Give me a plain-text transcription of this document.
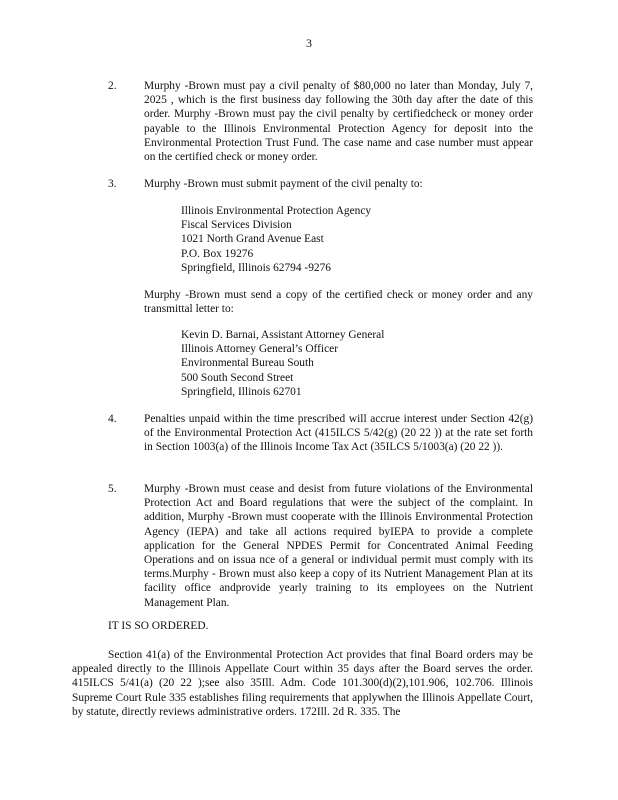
3
2.	Murphy -Brown must pay a civil penalty of $80,000 no later than Monday, July 7, 2025 , which is the first business day following the 30th day after the date of this order. Murphy -Brown must pay the civil penalty by certifiedcheck or money order payable to the Illinois Environmental Protection Agency for deposit into the Environmental Protection Trust Fund. The case name and case number must appear on the certified check or money order.
3.	Murphy -Brown must submit payment of the civil penalty to:
Illinois Environmental Protection Agency
Fiscal Services Division
1021 North Grand Avenue East
P.O. Box 19276
Springfield, Illinois 62794 -9276
Murphy -Brown must send a copy of the certified check or money order and any transmittal letter to:
Kevin D. Barnai, Assistant Attorney General
Illinois Attorney General’s Officer
Environmental Bureau South
500 South Second Street
Springfield, Illinois 62701
4.	Penalties unpaid within the time prescribed will accrue interest under Section 42(g) of the Environmental Protection Act (415ILCS 5/42(g) (20 22 )) at the rate set forth in Section 1003(a) of the Illinois Income Tax Act (35ILCS 5/1003(a) (20 22 )).
5.	Murphy -Brown must cease and desist from future violations of the Environmental Protection Act and Board regulations that were the subject of the complaint. In addition, Murphy -Brown must cooperate with the Illinois Environmental Protection Agency (IEPA) and take all actions required byIEPA to provide a complete application for the General NPDES Permit for Concentrated Animal Feeding Operations and on issua nce of a general or individual permit must comply with its terms.Murphy - Brown must also keep a copy of its Nutrient Management Plan at its facility office andprovide yearly training to its employees on the Nutrient Management Plan.
IT IS SO ORDERED.
Section 41(a) of the Environmental Protection Act provides that final Board orders may be appealed directly to the Illinois Appellate Court within 35 days after the Board serves the order. 415ILCS 5/41(a) (20 22 );see also 35Ill. Adm. Code 101.300(d)(2),101.906, 102.706. Illinois Supreme Court Rule 335 establishes filing requirements that applywhen the Illinois Appellate Court, by statute, directly reviews administrative orders. 172Ill. 2d R. 335. The
